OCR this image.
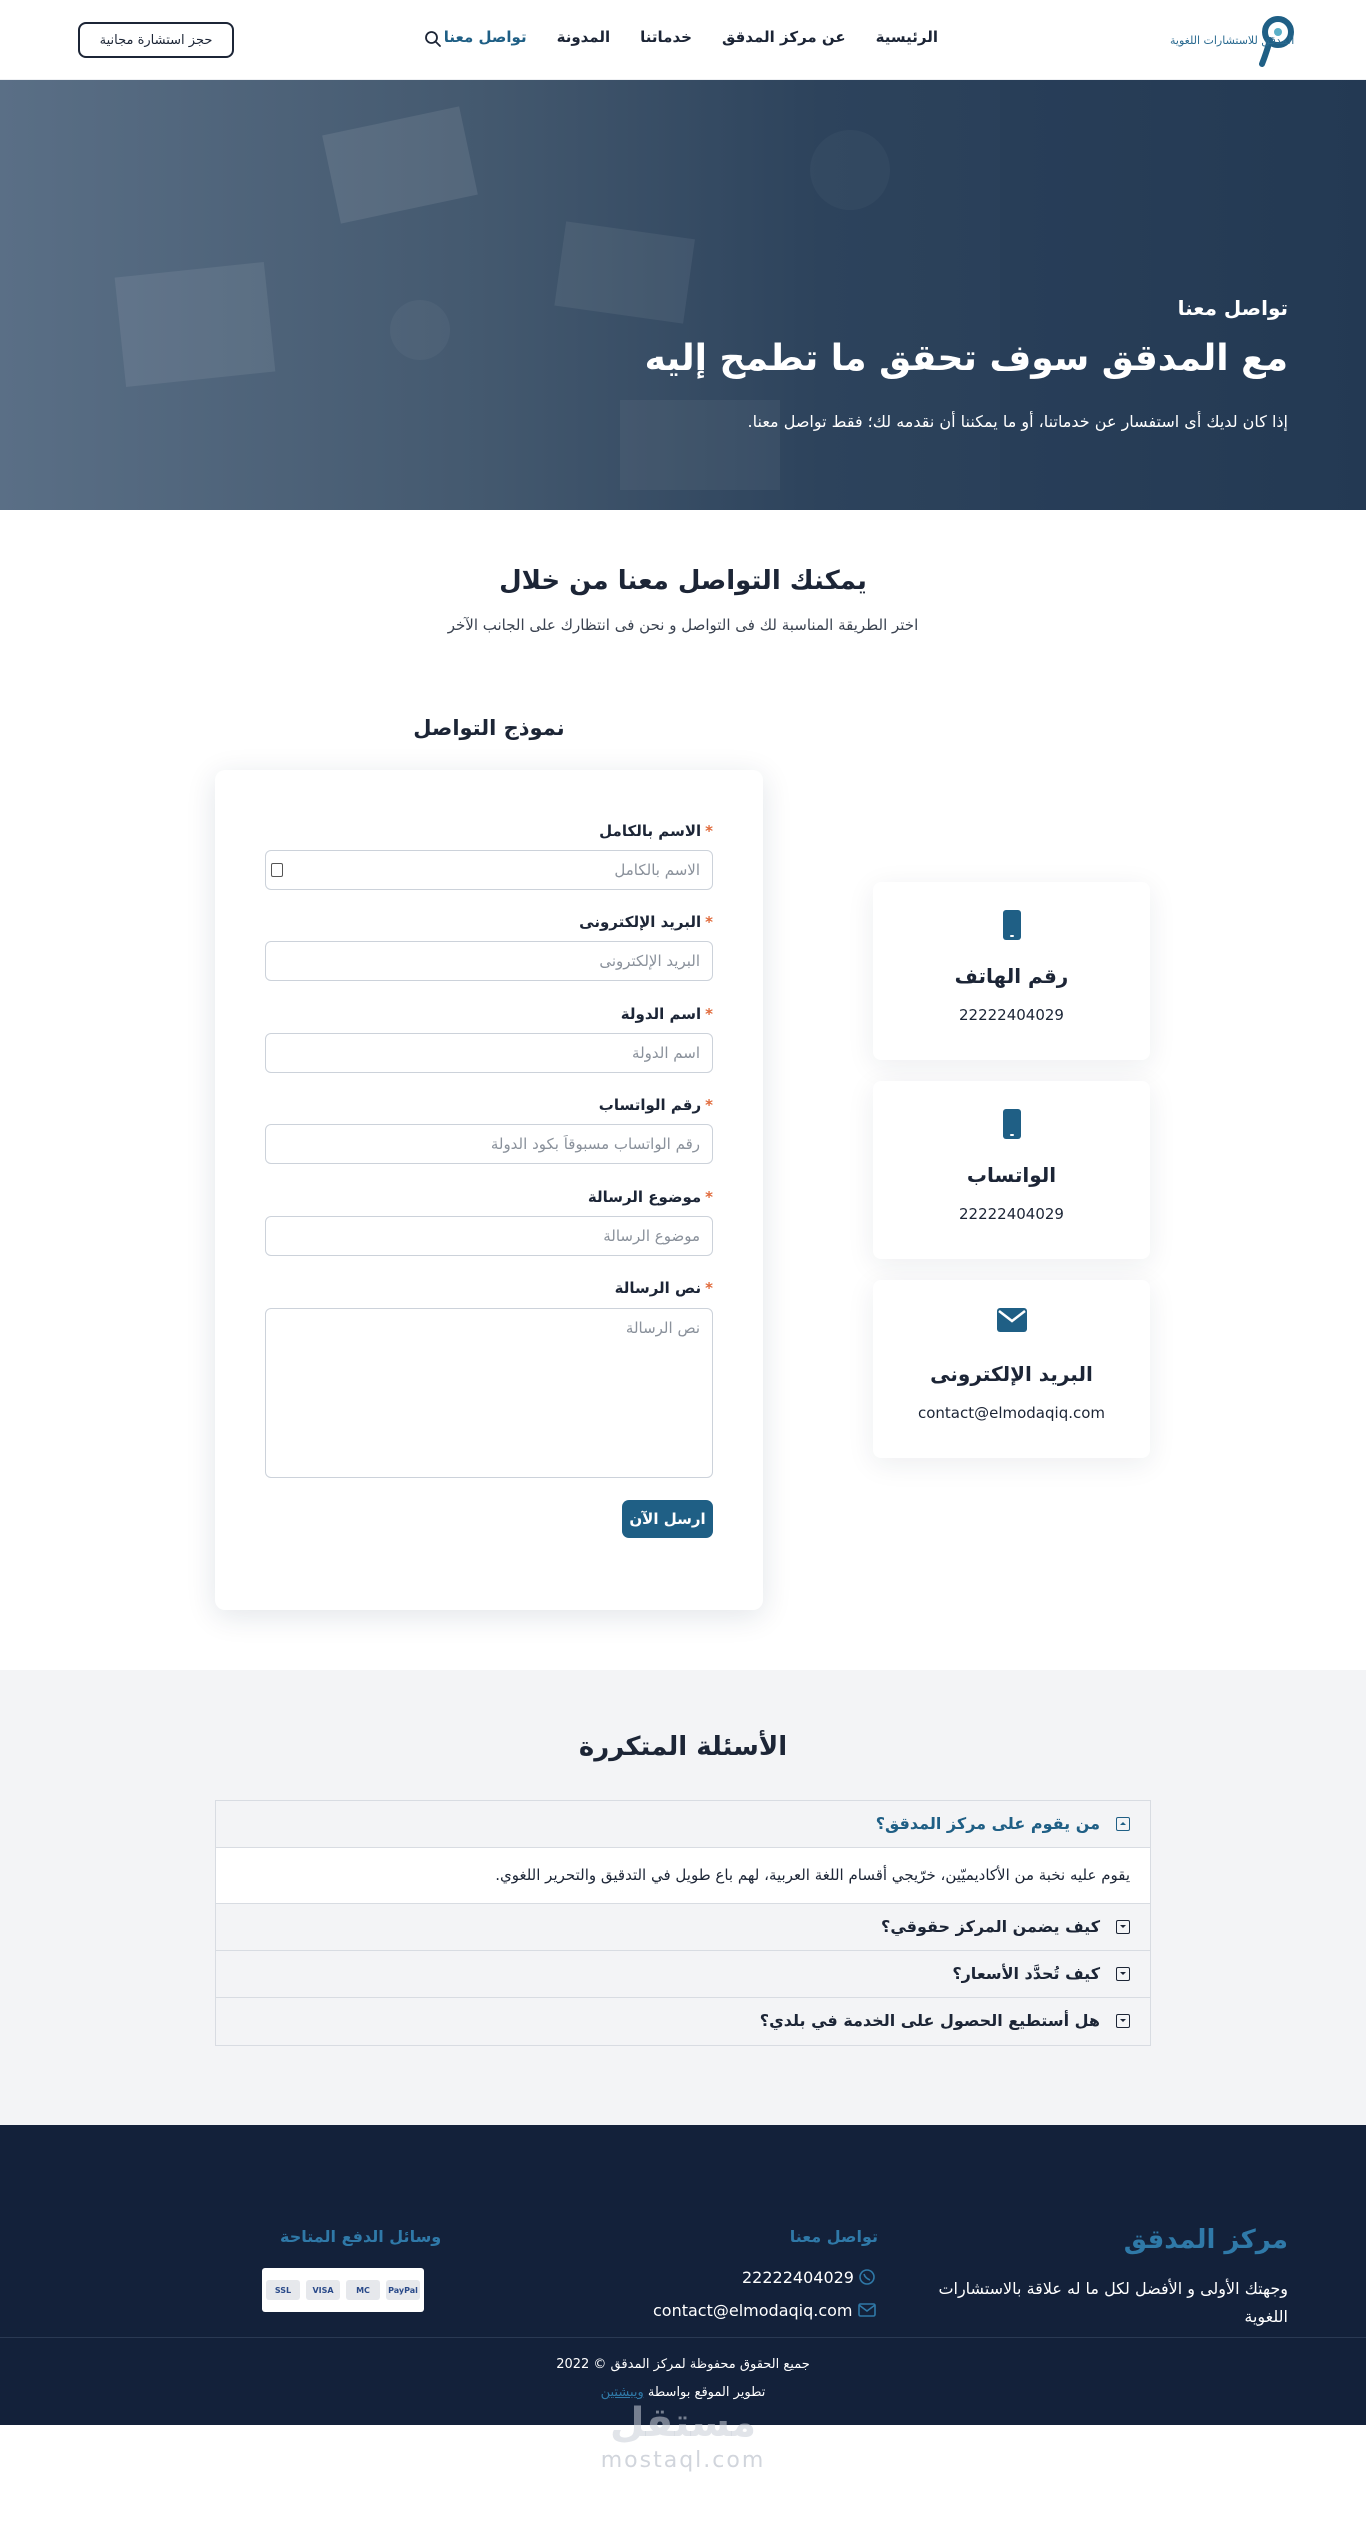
المدقق للاستشارات اللغوية
الرئيسية
عن مركز المدقق
خدماتنا
المدونة
تواصل معنا
حجز استشارة مجانية
تواصل معنا
مع المدقق سوف تحقق ما تطمح إليه

إذا كان لديك أى استفسار عن خدماتنا، أو ما يمكننا أن نقدمه لك؛ فقط تواصل معنا.

يمكنك التواصل معنا من خلال

اختر الطريقة المناسبة لك فى التواصل و نحن فى انتظارك على الجانب الآخر

نموذج التواصل
*الاسم بالكامل
الاسم بالكامل
*البريد الإلكترونى
البريد الإلكترونى
*اسم الدولة
اسم الدولة
*رقم الواتساب
رقم الواتساب مسبوقاً بكود الدولة
*موضوع الرسالة
موضوع الرسالة
*نص الرسالة
نص الرسالة
ارسل الآن
رقم الهاتف
22222404029
الواتساب
22222404029
البريد الإلكترونى
contact@elmodaqiq.com
الأسئلة المتكررة
من يقوم على مركز المدقق؟
يقوم عليه نخبة من الأكاديميّين، خرّيجي أقسام اللغة العربية، لهم باع طويل في التدقيق والتحرير اللغوي.
كيف يضمن المركز حقوقي؟
كيف تُحدَّد الأسعار؟
هل أستطيع الحصول على الخدمة في بلدي؟
مركز المدقق

وجهتك الأولى و الأفضل لكل ما له علاقة بالاستشارات اللغوية

تواصل معنا
22222404029
contact@elmodaqiq.com
وسائل الدفع المتاحة
PayPal
MC
VISA
SSL
جميع الحقوق محفوظة لمركز المدقق © 2022
تطوير الموقع بواسطة ويبشتين
مستقل
mostaql.com
